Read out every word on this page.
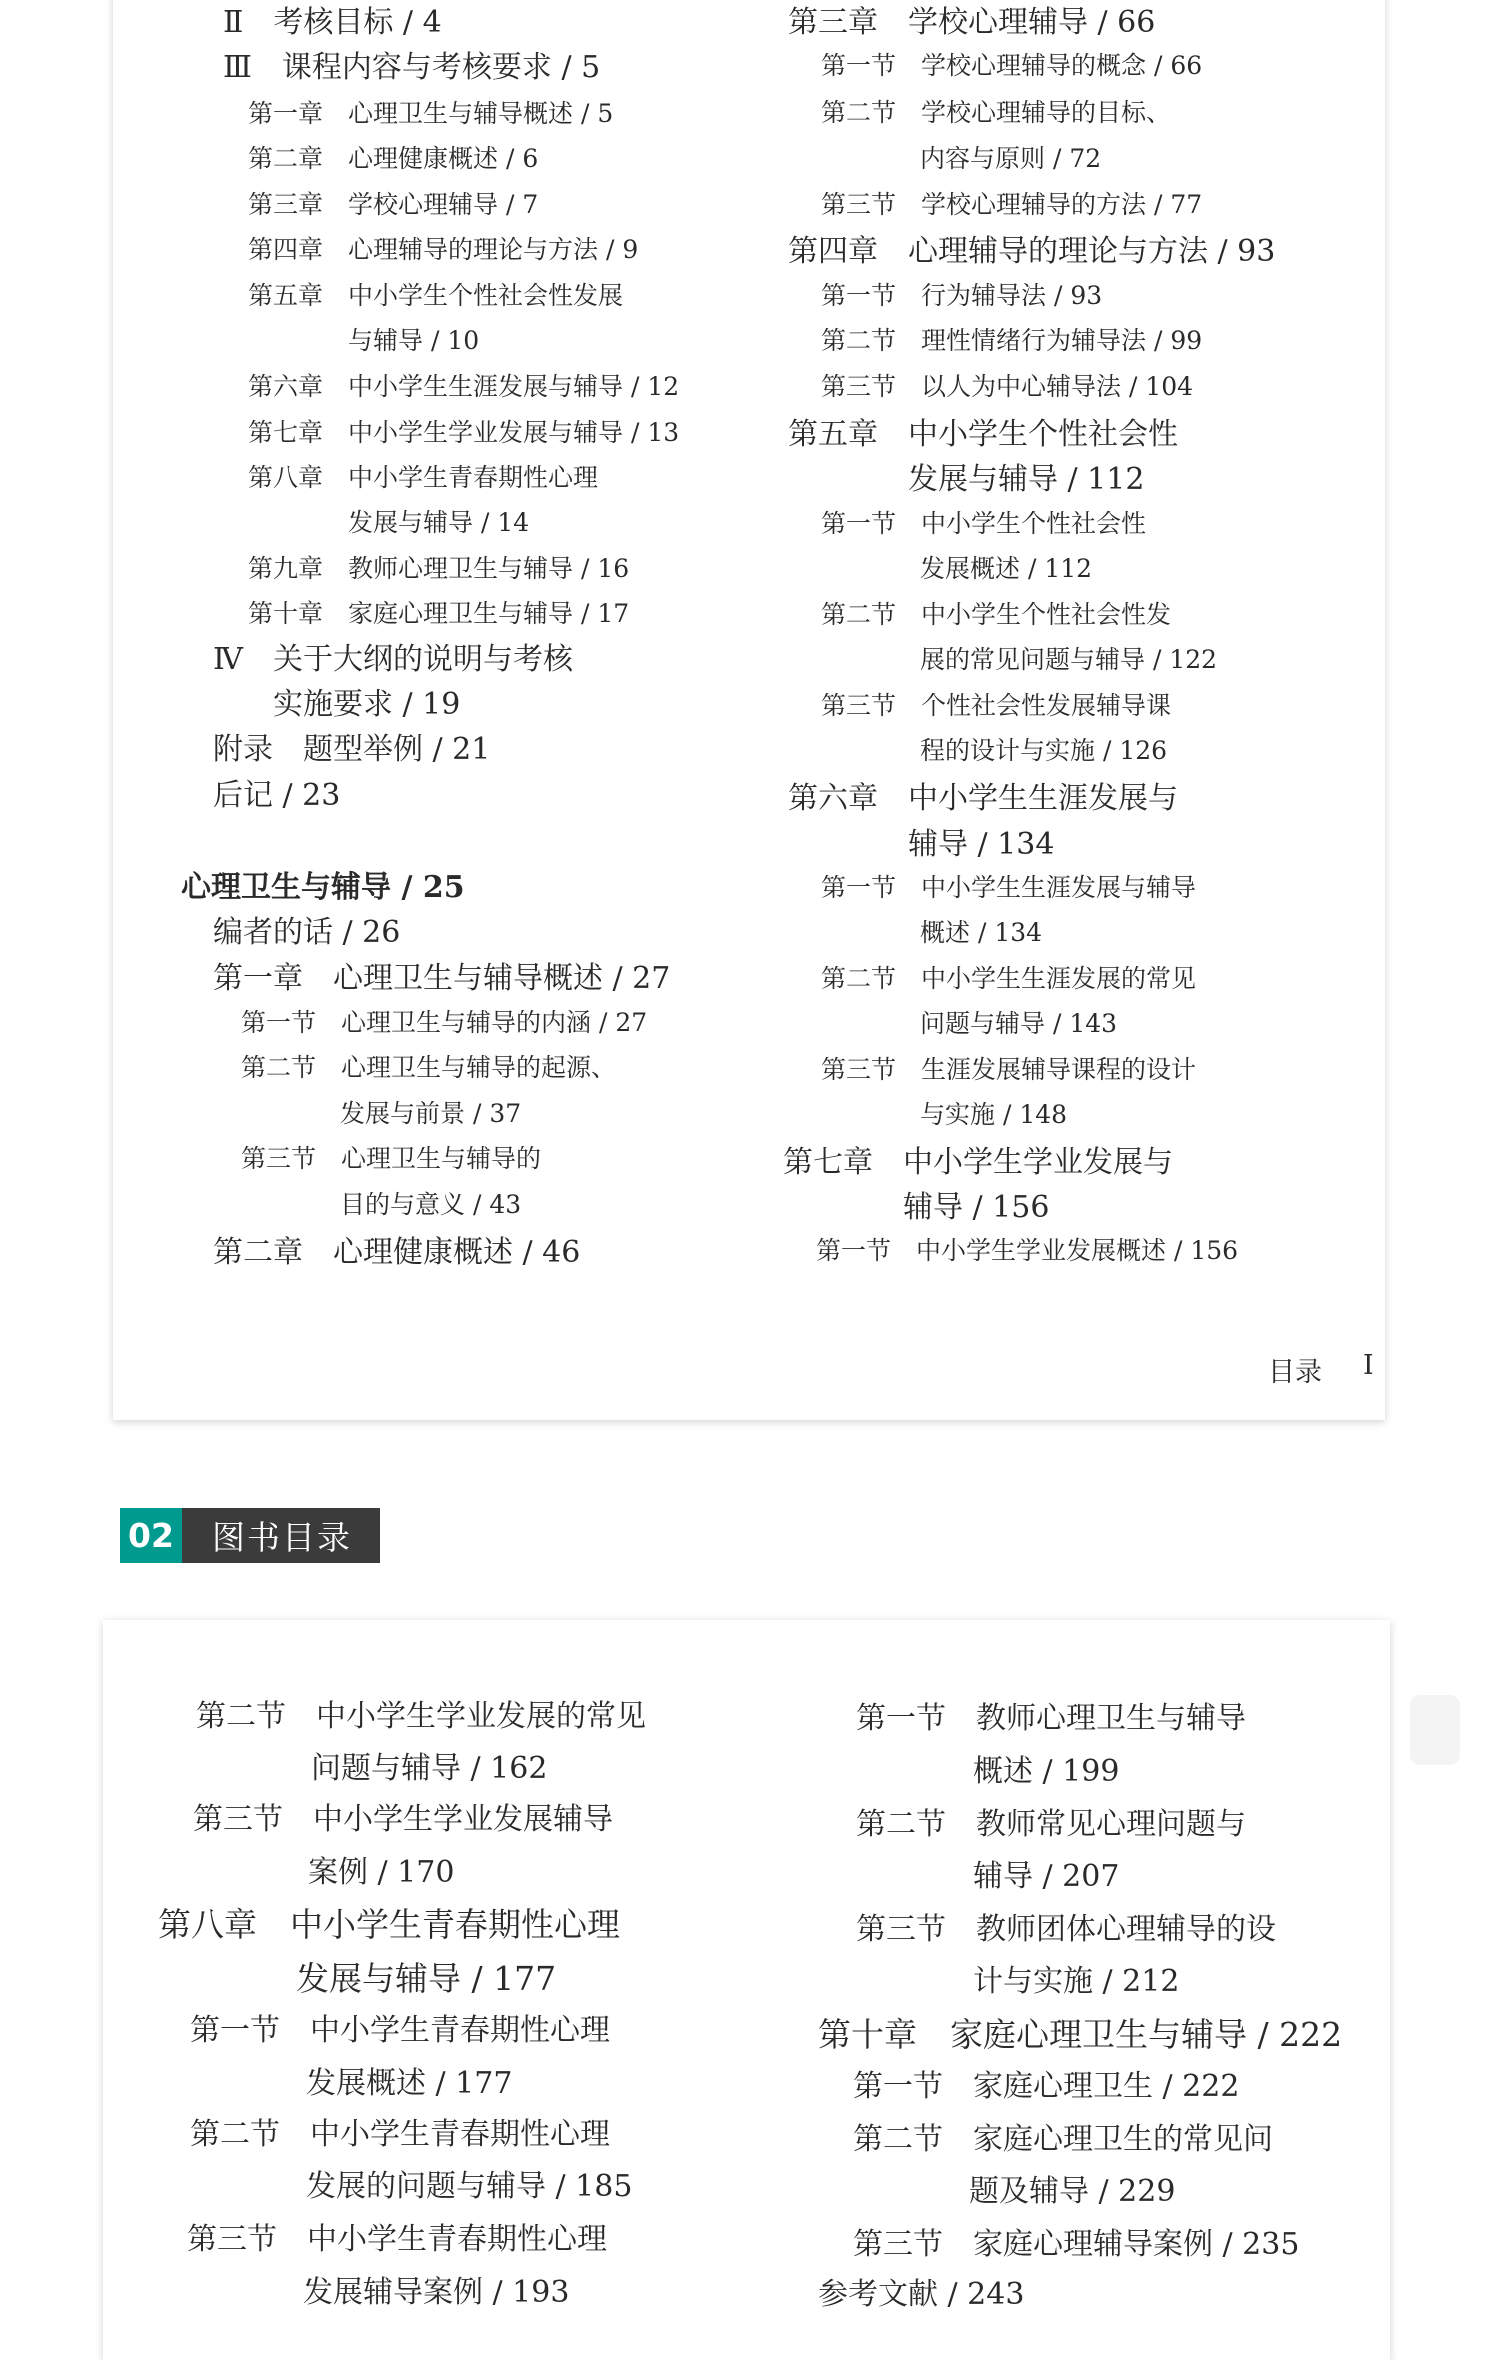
Ⅱ　考核目标 / 4
Ⅲ　课程内容与考核要求 / 5
第一章　心理卫生与辅导概述 / 5
第二章　心理健康概述 / 6
第三章　学校心理辅导 / 7
第四章　心理辅导的理论与方法 / 9
第五章　中小学生个性社会性发展
与辅导 / 10
第六章　中小学生生涯发展与辅导 / 12
第七章　中小学生学业发展与辅导 / 13
第八章　中小学生青春期性心理
发展与辅导 / 14
第九章　教师心理卫生与辅导 / 16
第十章　家庭心理卫生与辅导 / 17
Ⅳ　关于大纲的说明与考核
实施要求 / 19
附录　题型举例 / 21
后记 / 23
心理卫生与辅导 / 25
编者的话 / 26
第一章　心理卫生与辅导概述 / 27
第一节　心理卫生与辅导的内涵 / 27
第二节　心理卫生与辅导的起源、
发展与前景 / 37
第三节　心理卫生与辅导的
目的与意义 / 43
第二章　心理健康概述 / 46
第三章　学校心理辅导 / 66
第一节　学校心理辅导的概念 / 66
第二节　学校心理辅导的目标、
内容与原则 / 72
第三节　学校心理辅导的方法 / 77
第四章　心理辅导的理论与方法 / 93
第一节　行为辅导法 / 93
第二节　理性情绪行为辅导法 / 99
第三节　以人为中心辅导法 / 104
第五章　中小学生个性社会性
发展与辅导 / 112
第一节　中小学生个性社会性
发展概述 / 112
第二节　中小学生个性社会性发
展的常见问题与辅导 / 122
第三节　个性社会性发展辅导课
程的设计与实施 / 126
第六章　中小学生生涯发展与
辅导 / 134
第一节　中小学生生涯发展与辅导
概述 / 134
第二节　中小学生生涯发展的常见
问题与辅导 / 143
第三节　生涯发展辅导课程的设计
与实施 / 148
第七章　中小学生学业发展与
辅导 / 156
第一节　中小学生学业发展概述 / 156
目录 Ⅰ
02	图书目录
第二节　中小学生学业发展的常见
问题与辅导 / 162
第三节　中小学生学业发展辅导
案例 / 170
第八章　中小学生青春期性心理
发展与辅导 / 177
第一节　中小学生青春期性心理
发展概述 / 177
第二节　中小学生青春期性心理
发展的问题与辅导 / 185
第三节　中小学生青春期性心理
发展辅导案例 / 193
第一节　教师心理卫生与辅导
概述 / 199
第二节　教师常见心理问题与
辅导 / 207
第三节　教师团体心理辅导的设
计与实施 / 212
第十章　家庭心理卫生与辅导 / 222
第一节　家庭心理卫生 / 222
第二节　家庭心理卫生的常见问
题及辅导 / 229
第三节　家庭心理辅导案例 / 235
参考文献 / 243
